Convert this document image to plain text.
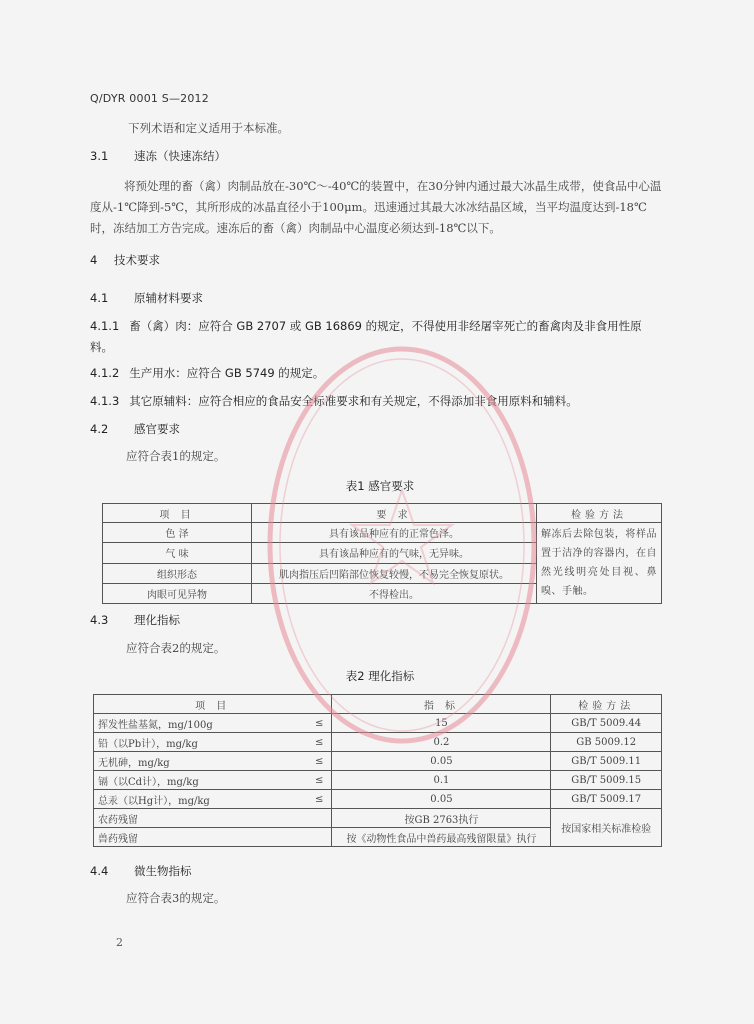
Q/DYR 0001 S—2012
下列术语和定义适用于本标准。
3.1 速冻（快速冻结）
将预处理的畜（禽）肉制品放在-30℃～-40℃的装置中，在30分钟内通过最大冰晶生成带，使食品中心温度从-1℃降到-5℃，其所形成的冰晶直径小于100μm。迅速通过其最大冰冰结晶区域，当平均温度达到-18℃时，冻结加工方告完成。速冻后的畜（禽）肉制品中心温度必须达到-18℃以下。
4 技术要求
4.1 原辅材料要求
4.1.1 畜（禽）肉：应符合 GB 2707 或 GB 16869 的规定，不得使用非经屠宰死亡的畜禽肉及非食用性原料。
4.1.2 生产用水：应符合 GB 5749 的规定。
4.1.3 其它原辅料：应符合相应的食品安全标准要求和有关规定，不得添加非食用原料和辅料。
4.2 感官要求
应符合表1的规定。
表1 感官要求
项 目	要 求	检验方法
色 泽	具有该品种应有的正常色泽。	解冻后去除包装，将样品置于洁净的容器内，在自然光线明亮处目视、鼻嗅、手触。
气 味	具有该品种应有的气味，无异味。	
组织形态	肌肉指压后凹陷部位恢复较慢，不易完全恢复原状。	
肉眼可见异物	不得检出。	
4.3 理化指标
应符合表2的规定。
表2 理化指标
项 目		指 标	检验方法
挥发性盐基氮，mg/100g	≤	15	GB/T 5009.44
铅（以Pb计），mg/kg	≤	0.2	GB 5009.12
无机砷，mg/kg	≤	0.05	GB/T 5009.11
镉（以Cd计），mg/kg	≤	0.1	GB/T 5009.15
总汞（以Hg计），mg/kg	≤	0.05	GB/T 5009.17
农药残留		按GB 2763执行	按国家相关标准检验
兽药残留		按《动物性食品中兽药最高残留限量》执行	
4.4 微生物指标
应符合表3的规定。
2
